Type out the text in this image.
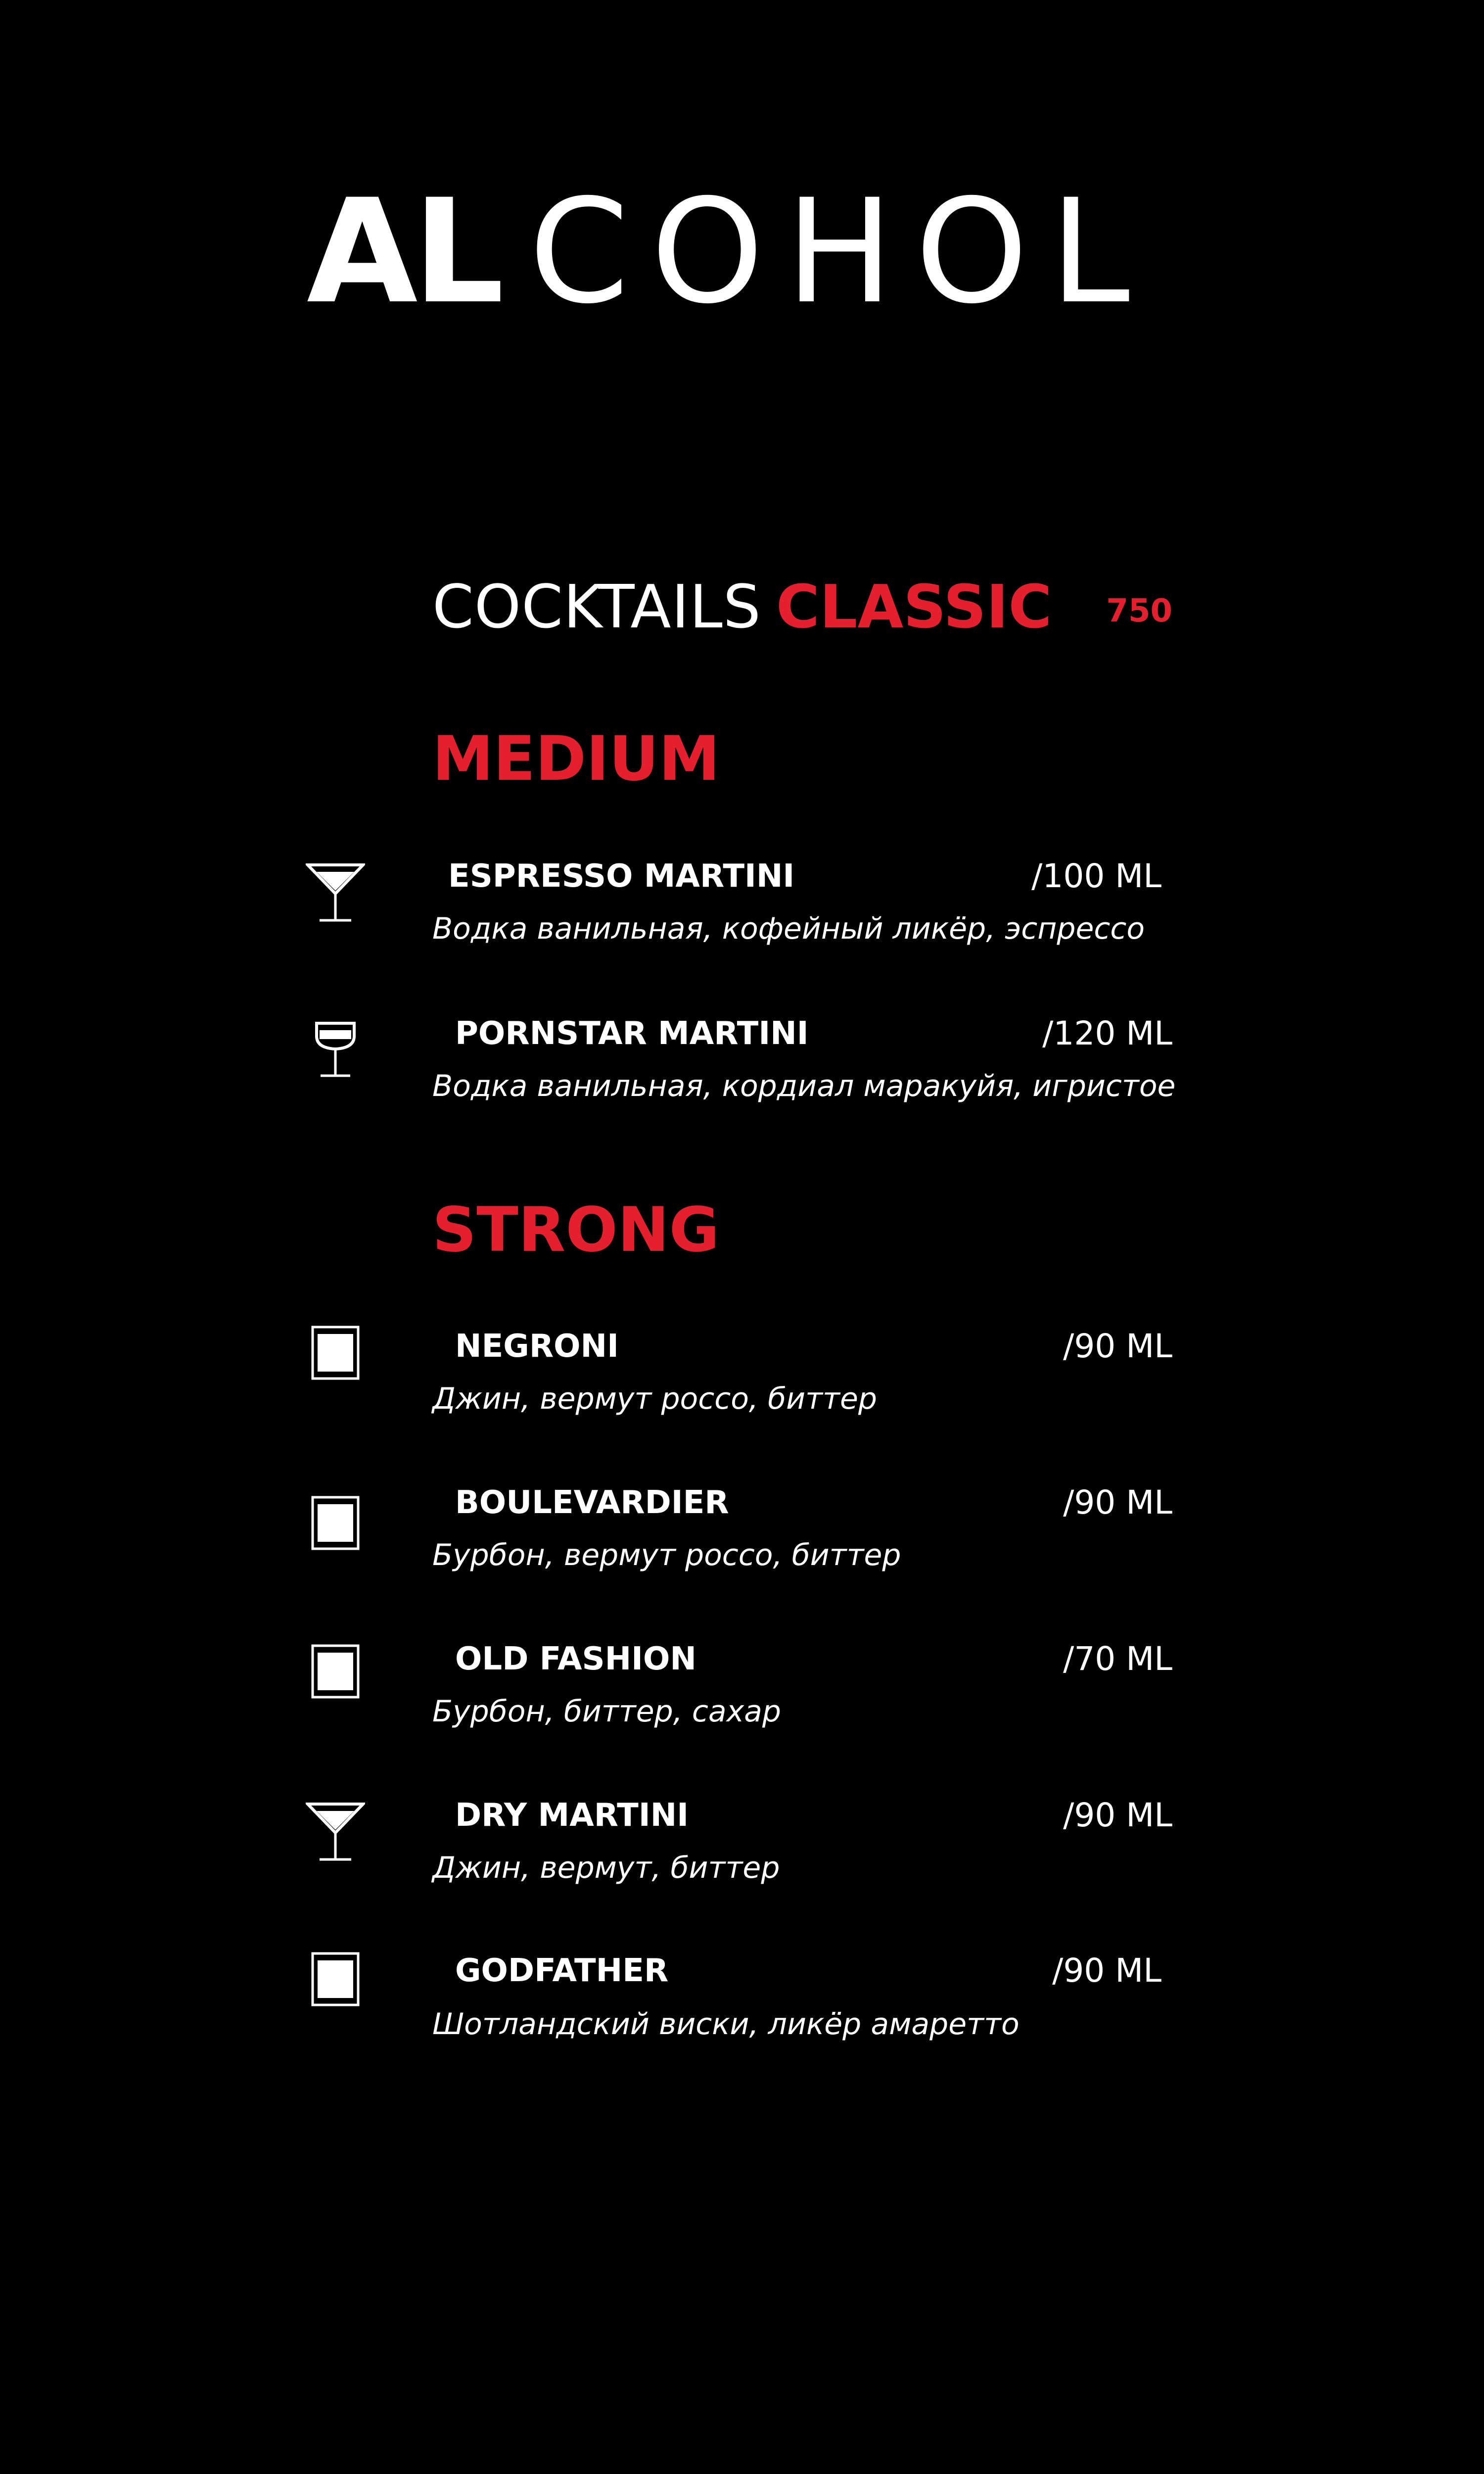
AL COHOL
COCKTAILS CLASSIC 750
MEDIUM
ESPRESSO MARTINI	/100 ML
Водка ванильная, кофейный ликёр, эспрессо
PORNSTAR MARTINI	/120 ML
Водка ванильная, кордиал маракуйя, игристое
STRONG
NEGRONI	/90 ML
Джин, вермут россо, биттер
BOULEVARDIER	/90 ML
Бурбон, вермут россо, биттер
OLD FASHION	/70 ML
Бурбон, биттер, сахар
DRY MARTINI	/90 ML
Джин, вермут, биттер
GODFATHER	/90 ML
Шотландский виски, ликёр амаретто
